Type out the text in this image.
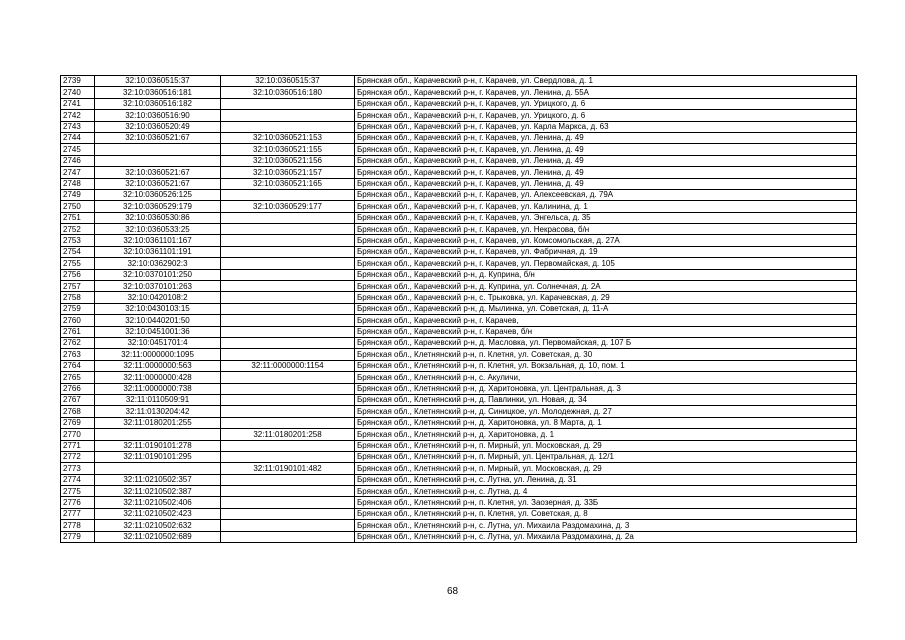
2739	32:10:0360515:37	32:10:0360515:37	Брянская обл., Карачевский р-н, г. Карачев, ул. Свердлова, д. 1
2740	32:10:0360516:181	32:10:0360516:180	Брянская обл., Карачевский р-н, г. Карачев, ул. Ленина, д. 55А
2741	32:10:0360516:182		Брянская обл., Карачевский р-н, г. Карачев, ул. Урицкого, д. 6
2742	32:10:0360516:90		Брянская обл., Карачевский р-н, г. Карачев, ул. Урицкого, д. 6
2743	32:10:0360520:49		Брянская обл., Карачевский р-н, г. Карачев, ул. Карла Маркса, д. 63
2744	32:10:0360521:67	32:10:0360521:153	Брянская обл., Карачевский р-н, г. Карачев, ул. Ленина, д. 49
2745		32:10:0360521:155	Брянская обл., Карачевский р-н, г. Карачев, ул. Ленина, д. 49
2746		32:10:0360521:156	Брянская обл., Карачевский р-н, г. Карачев, ул. Ленина, д. 49
2747	32:10:0360521:67	32:10:0360521:157	Брянская обл., Карачевский р-н, г. Карачев, ул. Ленина, д. 49
2748	32:10:0360521:67	32:10:0360521:165	Брянская обл., Карачевский р-н, г. Карачев, ул. Ленина, д. 49
2749	32:10:0360526:125		Брянская обл., Карачевский р-н, г. Карачев, ул. Алексеевская, д. 79А
2750	32:10:0360529:179	32:10:0360529:177	Брянская обл., Карачевский р-н, г. Карачев, ул. Калинина, д. 1
2751	32:10:0360530:86		Брянская обл., Карачевский р-н, г. Карачев, ул. Энгельса, д. 35
2752	32:10:0360533:25		Брянская обл., Карачевский р-н, г. Карачев, ул. Некрасова, б/н
2753	32:10:0361101:167		Брянская обл., Карачевский р-н, г. Карачев, ул. Комсомольская, д. 27А
2754	32:10:0361101:191		Брянская обл., Карачевский р-н, г. Карачев, ул. Фабричная, д. 19
2755	32:10:0362902:3		Брянская обл., Карачевский р-н, г. Карачев, ул. Первомайская, д. 105
2756	32:10:0370101:250		Брянская обл., Карачевский р-н, д. Куприна, б/н
2757	32:10:0370101:263		Брянская обл., Карачевский р-н, д. Куприна, ул. Солнечная, д. 2А
2758	32:10:0420108:2		Брянская обл., Карачевский р-н, с. Трыковка, ул. Карачевская, д. 29
2759	32:10:0430103:15		Брянская обл., Карачевский р-н, д. Мылинка, ул. Советская, д. 11-А
2760	32:10:0440201:50		Брянская обл., Карачевский р-н, г. Карачев,
2761	32:10:0451001:36		Брянская обл., Карачевский р-н, г. Карачев, б/н
2762	32:10:0451701:4		Брянская обл., Карачевский р-н, д. Масловка, ул. Первомайская, д. 107 Б
2763	32:11:0000000:1095		Брянская обл., Клетнянский р-н, п. Клетня, ул. Советская, д. 30
2764	32:11:0000000:563	32:11:0000000:1154	Брянская обл., Клетнянский р-н, п. Клетня, ул. Вокзальная, д. 10, пом. 1
2765	32:11:0000000:428		Брянская обл., Клетнянский р-н, с. Акуличи,
2766	32:11:0000000:738		Брянская обл., Клетнянский р-н, д. Харитоновка, ул. Центральная, д. 3
2767	32:11:0110509:91		Брянская обл., Клетнянский р-н, д. Павлинки, ул. Новая, д. 34
2768	32:11:0130204:42		Брянская обл., Клетнянский р-н, д. Синицкое, ул. Молодежная, д. 27
2769	32:11:0180201:255		Брянская обл., Клетнянский р-н, д. Харитоновка, ул. 8 Марта, д. 1
2770		32:11:0180201:258	Брянская обл., Клетнянский р-н, д. Харитоновка, д. 1
2771	32:11:0190101:278		Брянская обл., Клетнянский р-н, п. Мирный, ул. Московская, д. 29
2772	32:11:0190101:295		Брянская обл., Клетнянский р-н, п. Мирный, ул. Центральная, д. 12/1
2773		32:11:0190101:482	Брянская обл., Клетнянский р-н, п. Мирный, ул. Московская, д. 29
2774	32:11:0210502:357		Брянская обл., Клетнянский р-н, с. Лутна, ул. Ленина, д. 31
2775	32:11:0210502:387		Брянская обл., Клетнянский р-н, с. Лутна, д. 4
2776	32:11:0210502:406		Брянская обл., Клетнянский р-н, п. Клетня, ул. Заозерная, д. 33Б
2777	32:11:0210502:423		Брянская обл., Клетнянский р-н, п. Клетня, ул. Советская, д. 8
2778	32:11:0210502:632		Брянская обл., Клетнянский р-н, с. Лутна, ул. Михаила Раздомахина, д. 3
2779	32:11:0210502:689		Брянская обл., Клетнянский р-н, с. Лутна, ул. Михаила Раздомахина, д. 2а
68
